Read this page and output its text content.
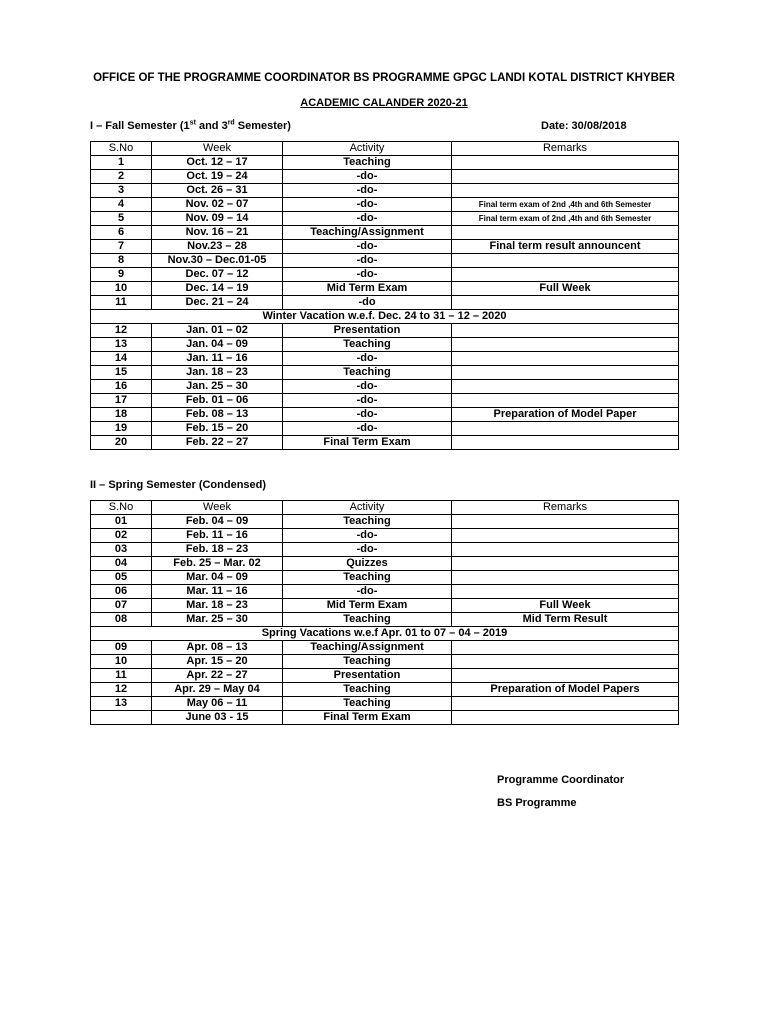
OFFICE OF THE PROGRAMME COORDINATOR BS PROGRAMME GPGC LANDI KOTAL DISTRICT KHYBER
ACADEMIC CALANDER 2020-21
I – Fall Semester (1st and 3rd Semester)	Date: 30/08/2018
S.No	Week	Activity	Remarks
1	Oct. 12 – 17	Teaching	
2	Oct. 19 – 24	-do-	
3	Oct. 26 – 31	-do-	
4	Nov. 02 – 07	-do-	Final term exam of 2nd ,4th and 6th Semester
5	Nov. 09 – 14	-do-	Final term exam of 2nd ,4th and 6th Semester
6	Nov. 16 – 21	Teaching/Assignment	
7	Nov.23 – 28	-do-	Final term result announcent
8	Nov.30 – Dec.01-05	-do-	
9	Dec. 07 – 12	-do-	
10	Dec. 14 – 19	Mid Term Exam	Full Week
11	Dec. 21 – 24	-do	
Winter Vacation w.e.f. Dec. 24 to 31 – 12 – 2020			
12	Jan. 01 – 02	Presentation	
13	Jan. 04 – 09	Teaching	
14	Jan. 11 – 16	-do-	
15	Jan. 18 – 23	Teaching	
16	Jan. 25 – 30	-do-	
17	Feb. 01 – 06	-do-	
18	Feb. 08 – 13	-do-	Preparation of Model Paper
19	Feb. 15 – 20	-do-	
20	Feb. 22 – 27	Final Term Exam	
II – Spring Semester (Condensed)
S.No	Week	Activity	Remarks
01	Feb. 04 – 09	Teaching	
02	Feb. 11 – 16	-do-	
03	Feb. 18 – 23	-do-	
04	Feb. 25 – Mar. 02	Quizzes	
05	Mar. 04 – 09	Teaching	
06	Mar. 11 – 16	-do-	
07	Mar. 18 – 23	Mid Term Exam	Full Week
08	Mar. 25 – 30	Teaching	Mid Term Result
Spring Vacations w.e.f Apr. 01 to 07 – 04 – 2019			
09	Apr. 08 – 13	Teaching/Assignment	
10	Apr. 15 – 20	Teaching	
11	Apr. 22 – 27	Presentation	
12	Apr. 29 – May 04	Teaching	Preparation of Model Papers
13	May 06 – 11	Teaching	
	June 03 - 15	Final Term Exam	
Programme Coordinator
BS Programme
